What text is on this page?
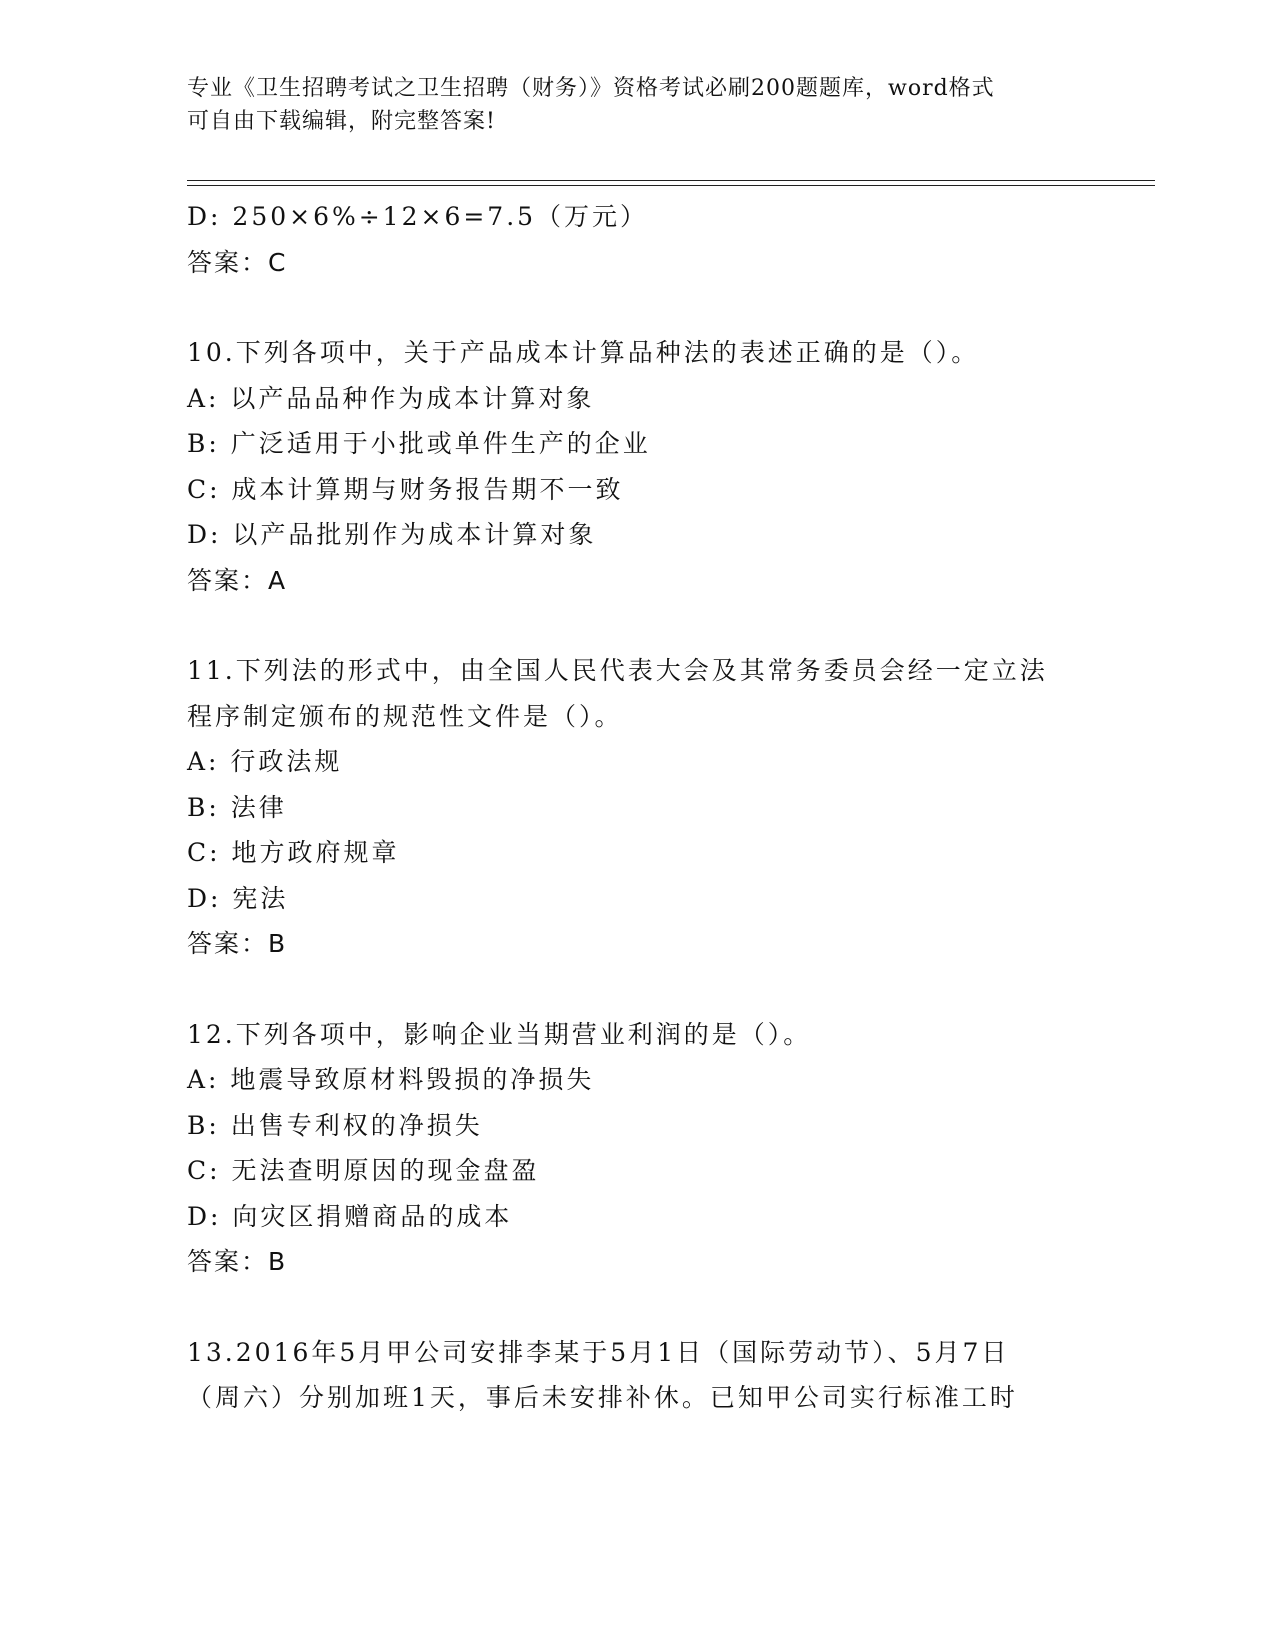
专业《卫生招聘考试之卫生招聘（财务）》资格考试必刷200题题库，word格式
可自由下载编辑，附完整答案!
D: 250×6%÷12×6=7.5（万元）
答案：C
10.下列各项中，关于产品成本计算品种法的表述正确的是（）。
A: 以产品品种作为成本计算对象
B: 广泛适用于小批或单件生产的企业
C: 成本计算期与财务报告期不一致
D: 以产品批别作为成本计算对象
答案：A
11.下列法的形式中，由全国人民代表大会及其常务委员会经一定立法
程序制定颁布的规范性文件是（）。
A: 行政法规
B: 法律
C: 地方政府规章
D: 宪法
答案：B
12.下列各项中，影响企业当期营业利润的是（）。
A: 地震导致原材料毁损的净损失
B: 出售专利权的净损失
C: 无法查明原因的现金盘盈
D: 向灾区捐赠商品的成本
答案：B
13.2016年5月甲公司安排李某于5月1日（国际劳动节）、5月7日
（周六）分别加班1天，事后未安排补休。已知甲公司实行标准工时
